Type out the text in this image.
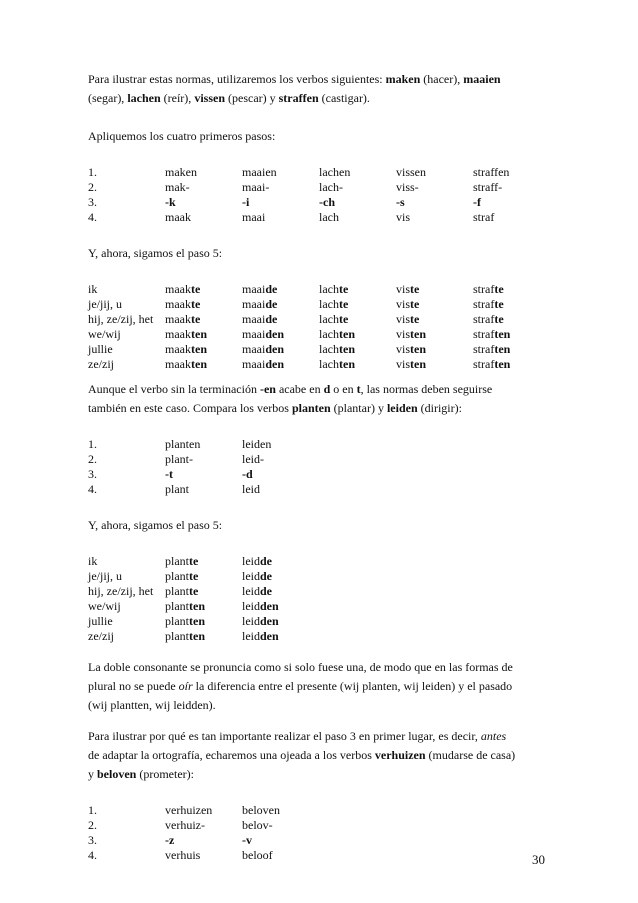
Para ilustrar estas normas, utilizaremos los verbos siguientes: maken (hacer), maaien
(segar), lachen (reír), vissen (pescar) y straffen (castigar).

Apliquemos los cuatro primeros pasos:

1.	maken	maaien	lachen	vissen	straffen
2.	mak-	maai-	lach-	viss-	straff-
3.	-k	-i	-ch	-s	-f
4.	maak	maai	lach	vis	straf

Y, ahora, sigamos el paso 5:

ik	maakte	maaide	lachte	viste	strafte
je/jij, u	maakte	maaide	lachte	viste	strafte
hij, ze/zij, het maakte	maaide	lachte	viste	strafte
we/wij	maakten	maaiden	lachten	visten	straften
jullie	maakten	maaiden	lachten	visten	straften
ze/zij	maakten	maaiden	lachten	visten	straften

Aunque el verbo sin la terminación -en acabe en d o en t, las normas deben seguirse
también en este caso. Compara los verbos planten (plantar) y leiden (dirigir):

1.	planten	leiden
2.	plant-	leid-
3.	-t	-d
4.	plant	leid

Y, ahora, sigamos el paso 5:

ik	plantte	leidde
je/jij, u	plantte	leidde
hij, ze/zij, het plantte	leidde
we/wij	plantten	leidden
jullie	plantten	leidden
ze/zij	plantten	leidden

La doble consonante se pronuncia como si solo fuese una, de modo que en las formas de
plural no se puede oír la diferencia entre el presente (wij planten, wij leiden) y el pasado
(wij plantten, wij leidden).

Para ilustrar por qué es tan importante realizar el paso 3 en primer lugar, es decir, antes
de adaptar la ortografía, echaremos una ojeada a los verbos verhuizen (mudarse de casa)
y beloven (prometer):

1.	verhuizen beloven
2.	verhuiz-	belov-
3.	-z	-v
4.	verhuis	beloof	30
